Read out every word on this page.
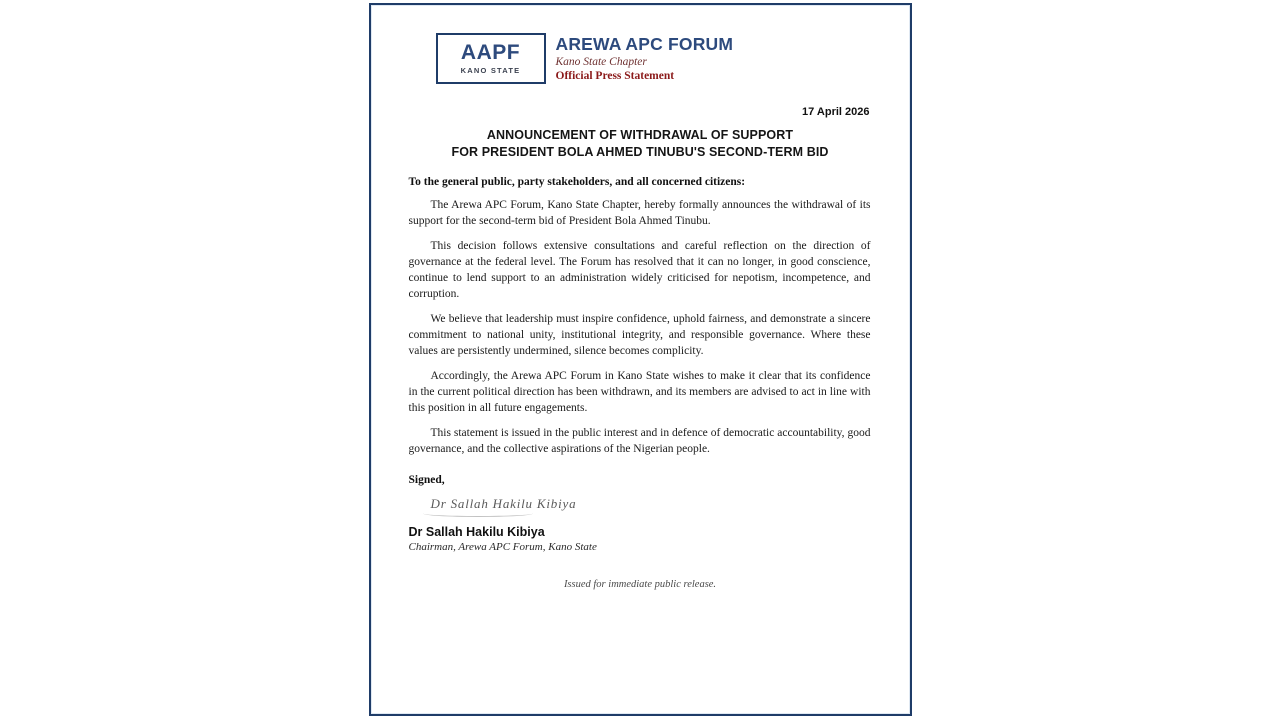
AAPF
KANO STATE
AREWA APC FORUM
Kano State Chapter
Official Press Statement
17 April 2026
ANNOUNCEMENT OF WITHDRAWAL OF SUPPORT
FOR PRESIDENT BOLA AHMED TINUBU'S SECOND-TERM BID
To the general public, party stakeholders, and all concerned citizens:

The Arewa APC Forum, Kano State Chapter, hereby formally announces the withdrawal of its support for the second-term bid of President Bola Ahmed Tinubu.

This decision follows extensive consultations and careful reflection on the direction of governance at the federal level. The Forum has resolved that it can no longer, in good conscience, continue to lend support to an administration widely criticised for nepotism, incompetence, and corruption.

We believe that leadership must inspire confidence, uphold fairness, and demonstrate a sincere commitment to national unity, institutional integrity, and responsible governance. Where these values are persistently undermined, silence becomes complicity.

Accordingly, the Arewa APC Forum in Kano State wishes to make it clear that its confidence in the current political direction has been withdrawn, and its members are advised to act in line with this position in all future engagements.

This statement is issued in the public interest and in defence of democratic accountability, good governance, and the collective aspirations of the Nigerian people.

Signed,
Dr Sallah Hakilu Kibiya
Dr Sallah Hakilu Kibiya
Chairman, Arewa APC Forum, Kano State
Issued for immediate public release.
